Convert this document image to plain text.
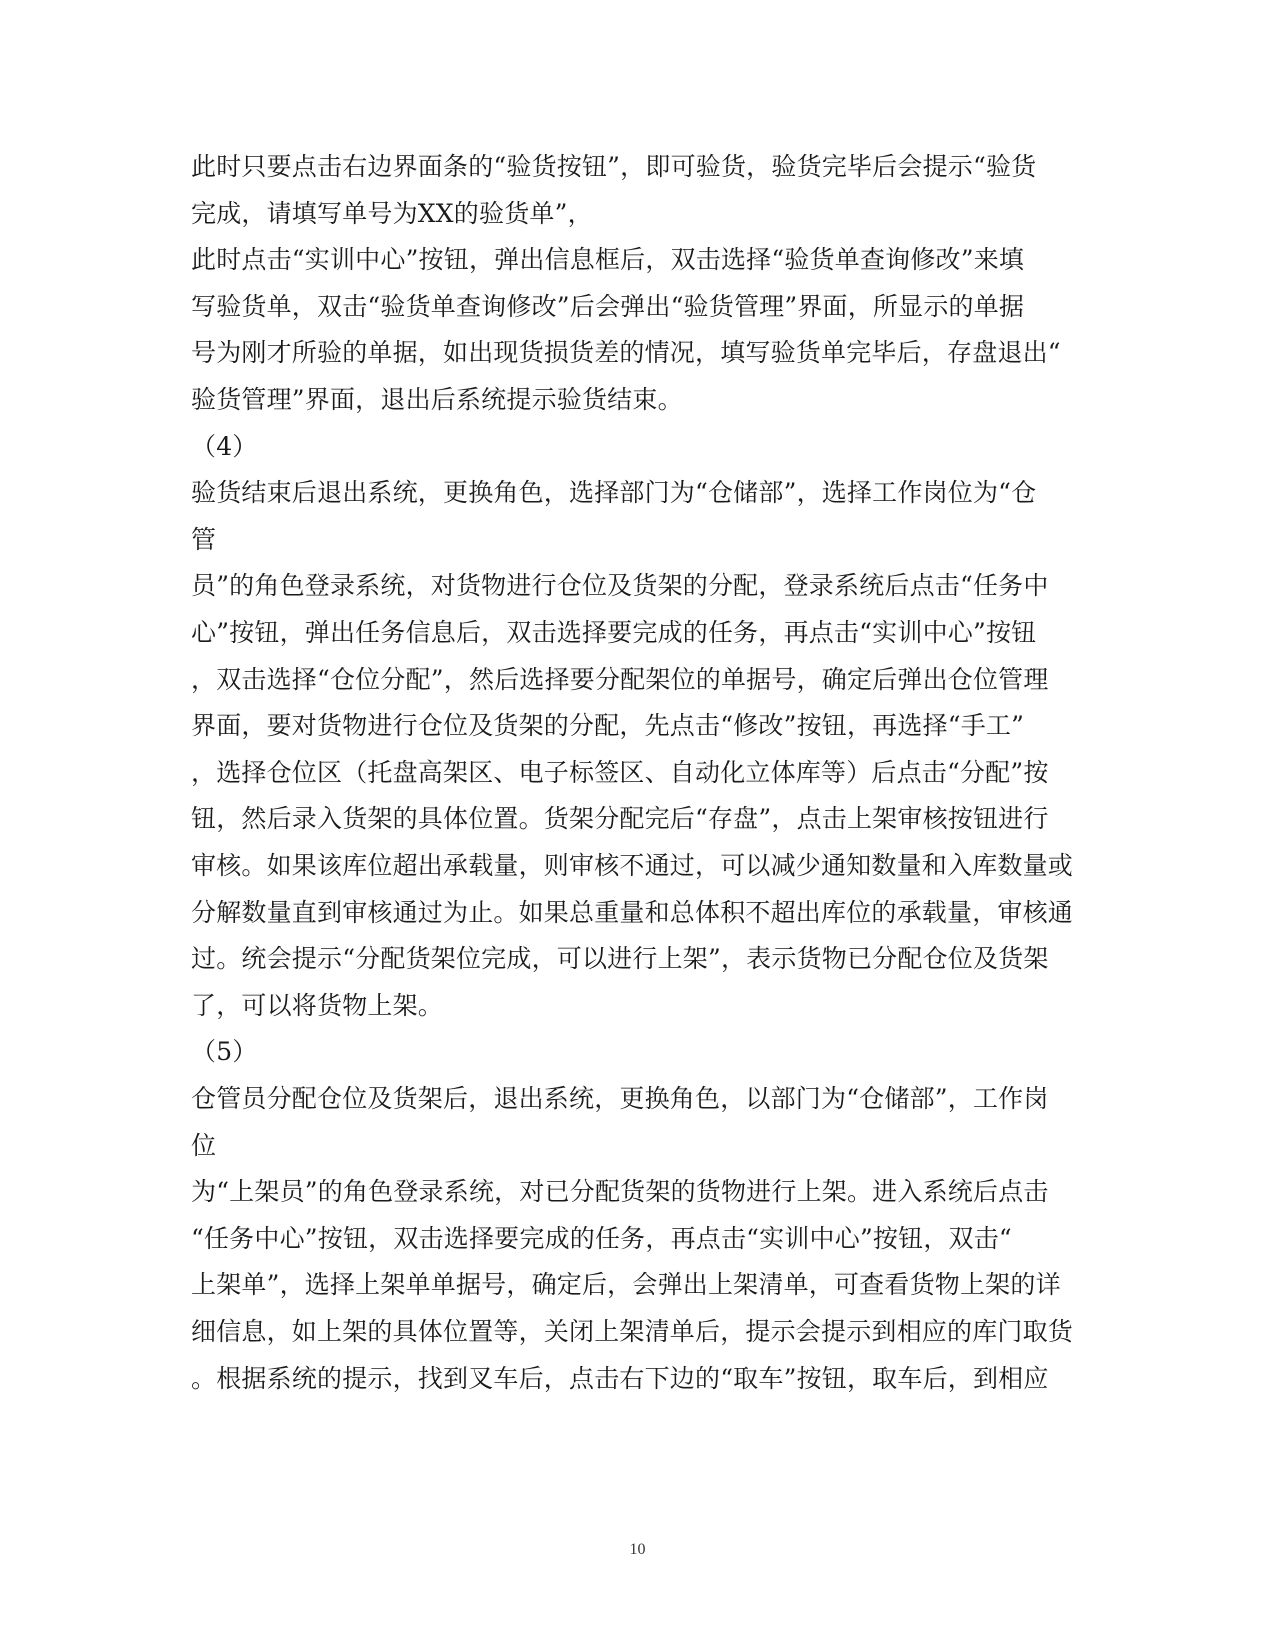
此时只要点击右边界面条的“验货按钮”，即可验货，验货完毕后会提示“验货
完成，请填写单号为XX的验货单”，
此时点击“实训中心”按钮，弹出信息框后，双击选择“验货单查询修改”来填
写验货单，双击“验货单查询修改”后会弹出“验货管理”界面，所显示的单据
号为刚才所验的单据，如出现货损货差的情况，填写验货单完毕后，存盘退出“
验货管理”界面，退出后系统提示验货结束。
（4）
验货结束后退出系统，更换角色，选择部门为“仓储部”，选择工作岗位为“仓
管
员”的角色登录系统，对货物进行仓位及货架的分配，登录系统后点击“任务中
心”按钮，弹出任务信息后，双击选择要完成的任务，再点击“实训中心”按钮
，双击选择“仓位分配”，然后选择要分配架位的单据号，确定后弹出仓位管理
界面，要对货物进行仓位及货架的分配，先点击“修改”按钮，再选择“手工”
，选择仓位区（托盘高架区、电子标签区、自动化立体库等）后点击“分配”按
钮，然后录入货架的具体位置。货架分配完后“存盘”，点击上架审核按钮进行
审核。如果该库位超出承载量，则审核不通过，可以减少通知数量和入库数量或
分解数量直到审核通过为止。如果总重量和总体积不超出库位的承载量，审核通
过。统会提示“分配货架位完成，可以进行上架”，表示货物已分配仓位及货架
了，可以将货物上架。
（5）
仓管员分配仓位及货架后，退出系统，更换角色，以部门为“仓储部”，工作岗
位
为“上架员”的角色登录系统，对已分配货架的货物进行上架。进入系统后点击
“任务中心”按钮，双击选择要完成的任务，再点击“实训中心”按钮，双击“
上架单”，选择上架单单据号，确定后，会弹出上架清单，可查看货物上架的详
细信息，如上架的具体位置等，关闭上架清单后，提示会提示到相应的库门取货
。根据系统的提示，找到叉车后，点击右下边的“取车”按钮，取车后，到相应
10
